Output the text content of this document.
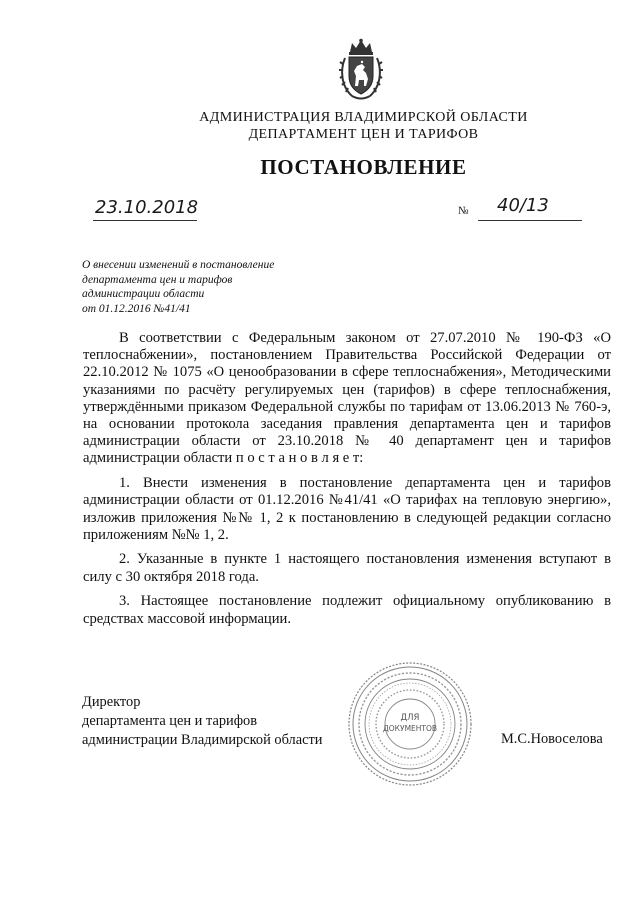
АДМИНИСТРАЦИЯ ВЛАДИМИРСКОЙ ОБЛАСТИ
ДЕПАРТАМЕНТ ЦЕН И ТАРИФОВ
ПОСТАНОВЛЕНИЕ
23.10.2018	№ 40/13
О внесении изменений в постановление
департамента цен и тарифов
администрации области
от 01.12.2016 №41/41

В соответствии с Федеральным законом от 27.07.2010 № 190-ФЗ «О теплоснабжении», постановлением Правительства Российской Федерации от 22.10.2012 № 1075 «О ценообразовании в сфере теплоснабжения», Методическими указаниями по расчёту регулируемых цен (тарифов) в сфере теплоснабжения, утверждёнными приказом Федеральной службы по тарифам от 13.06.2013 № 760-э, на основании протокола заседания правления департамента цен и тарифов администрации области от 23.10.2018 № 40 департамент цен и тарифов администрации области п о с т а н о в л я е т:

1. Внести изменения в постановление департамента цен и тарифов администрации области от 01.12.2016 №41/41 «О тарифах на тепловую энергию», изложив приложения №№ 1, 2 к постановлению в следующей редакции согласно приложениям №№ 1, 2.

2. Указанные в пункте 1 настоящего постановления изменения вступают в силу с 30 октября 2018 года.

3. Настоящее постановление подлежит официальному опубликованию в средствах массовой информации.

Директор
департамента цен и тарифов
администрации Владимирской области
ДЛЯ
ДОКУМЕНТОВ
М.С.Новоселова
